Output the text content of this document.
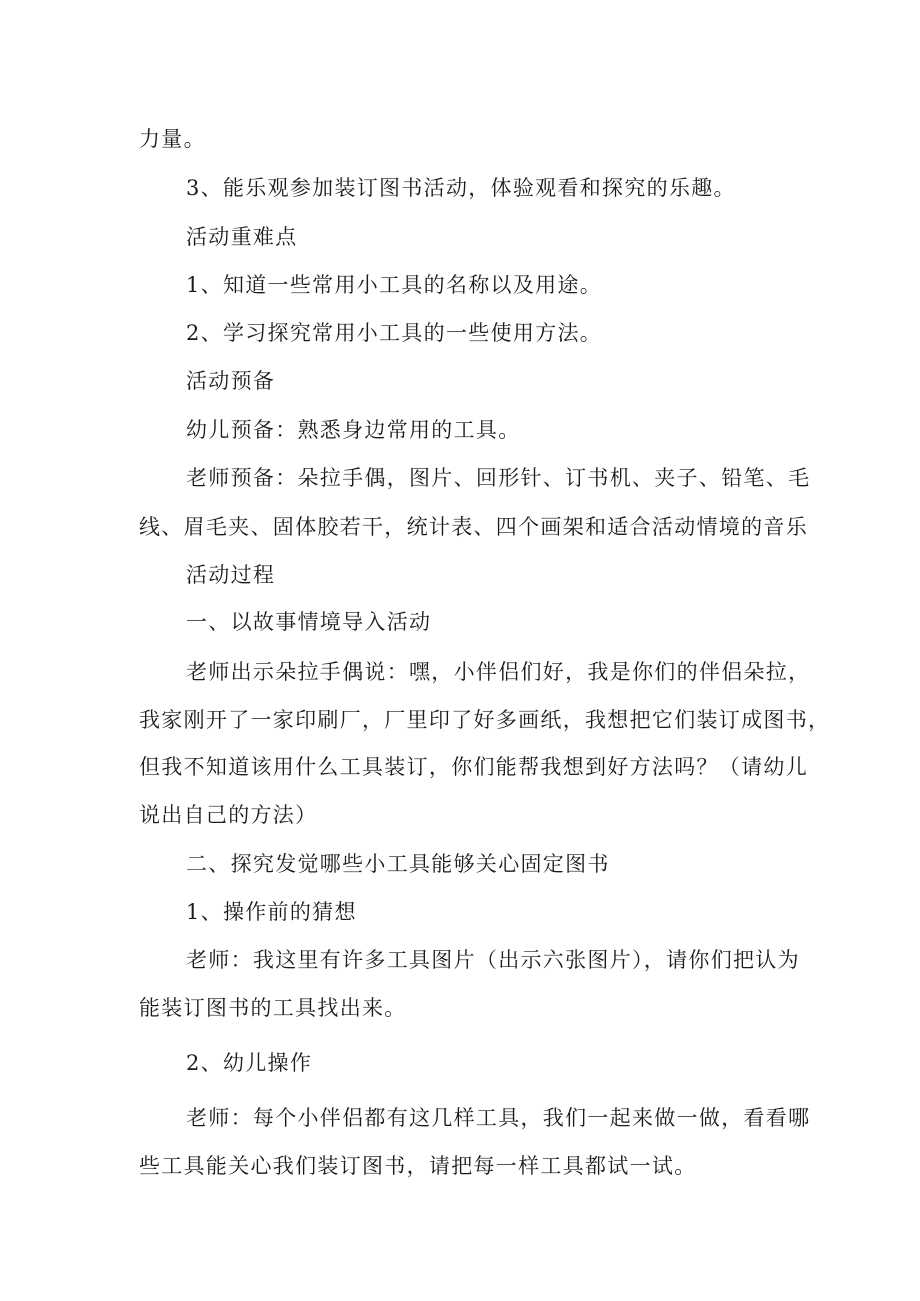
力量。
3、能乐观参加装订图书活动，体验观看和探究的乐趣。
活动重难点
1、知道一些常用小工具的名称以及用途。
2、学习探究常用小工具的一些使用方法。
活动预备
幼儿预备：熟悉身边常用的工具。
老师预备：朵拉手偶，图片、回形针、订书机、夹子、铅笔、毛
线、眉毛夹、固体胶若干，统计表、四个画架和适合活动情境的音乐
活动过程
一、以故事情境导入活动
老师出示朵拉手偶说：嘿，小伴侣们好，我是你们的伴侣朵拉，
我家刚开了一家印刷厂，厂里印了好多画纸，我想把它们装订成图书，
但我不知道该用什么工具装订，你们能帮我想到好方法吗？（请幼儿
说出自己的方法）
二、探究发觉哪些小工具能够关心固定图书
1、操作前的猜想
老师：我这里有许多工具图片（出示六张图片），请你们把认为
能装订图书的工具找出来。
2、幼儿操作
老师：每个小伴侣都有这几样工具，我们一起来做一做，看看哪
些工具能关心我们装订图书，请把每一样工具都试一试。
